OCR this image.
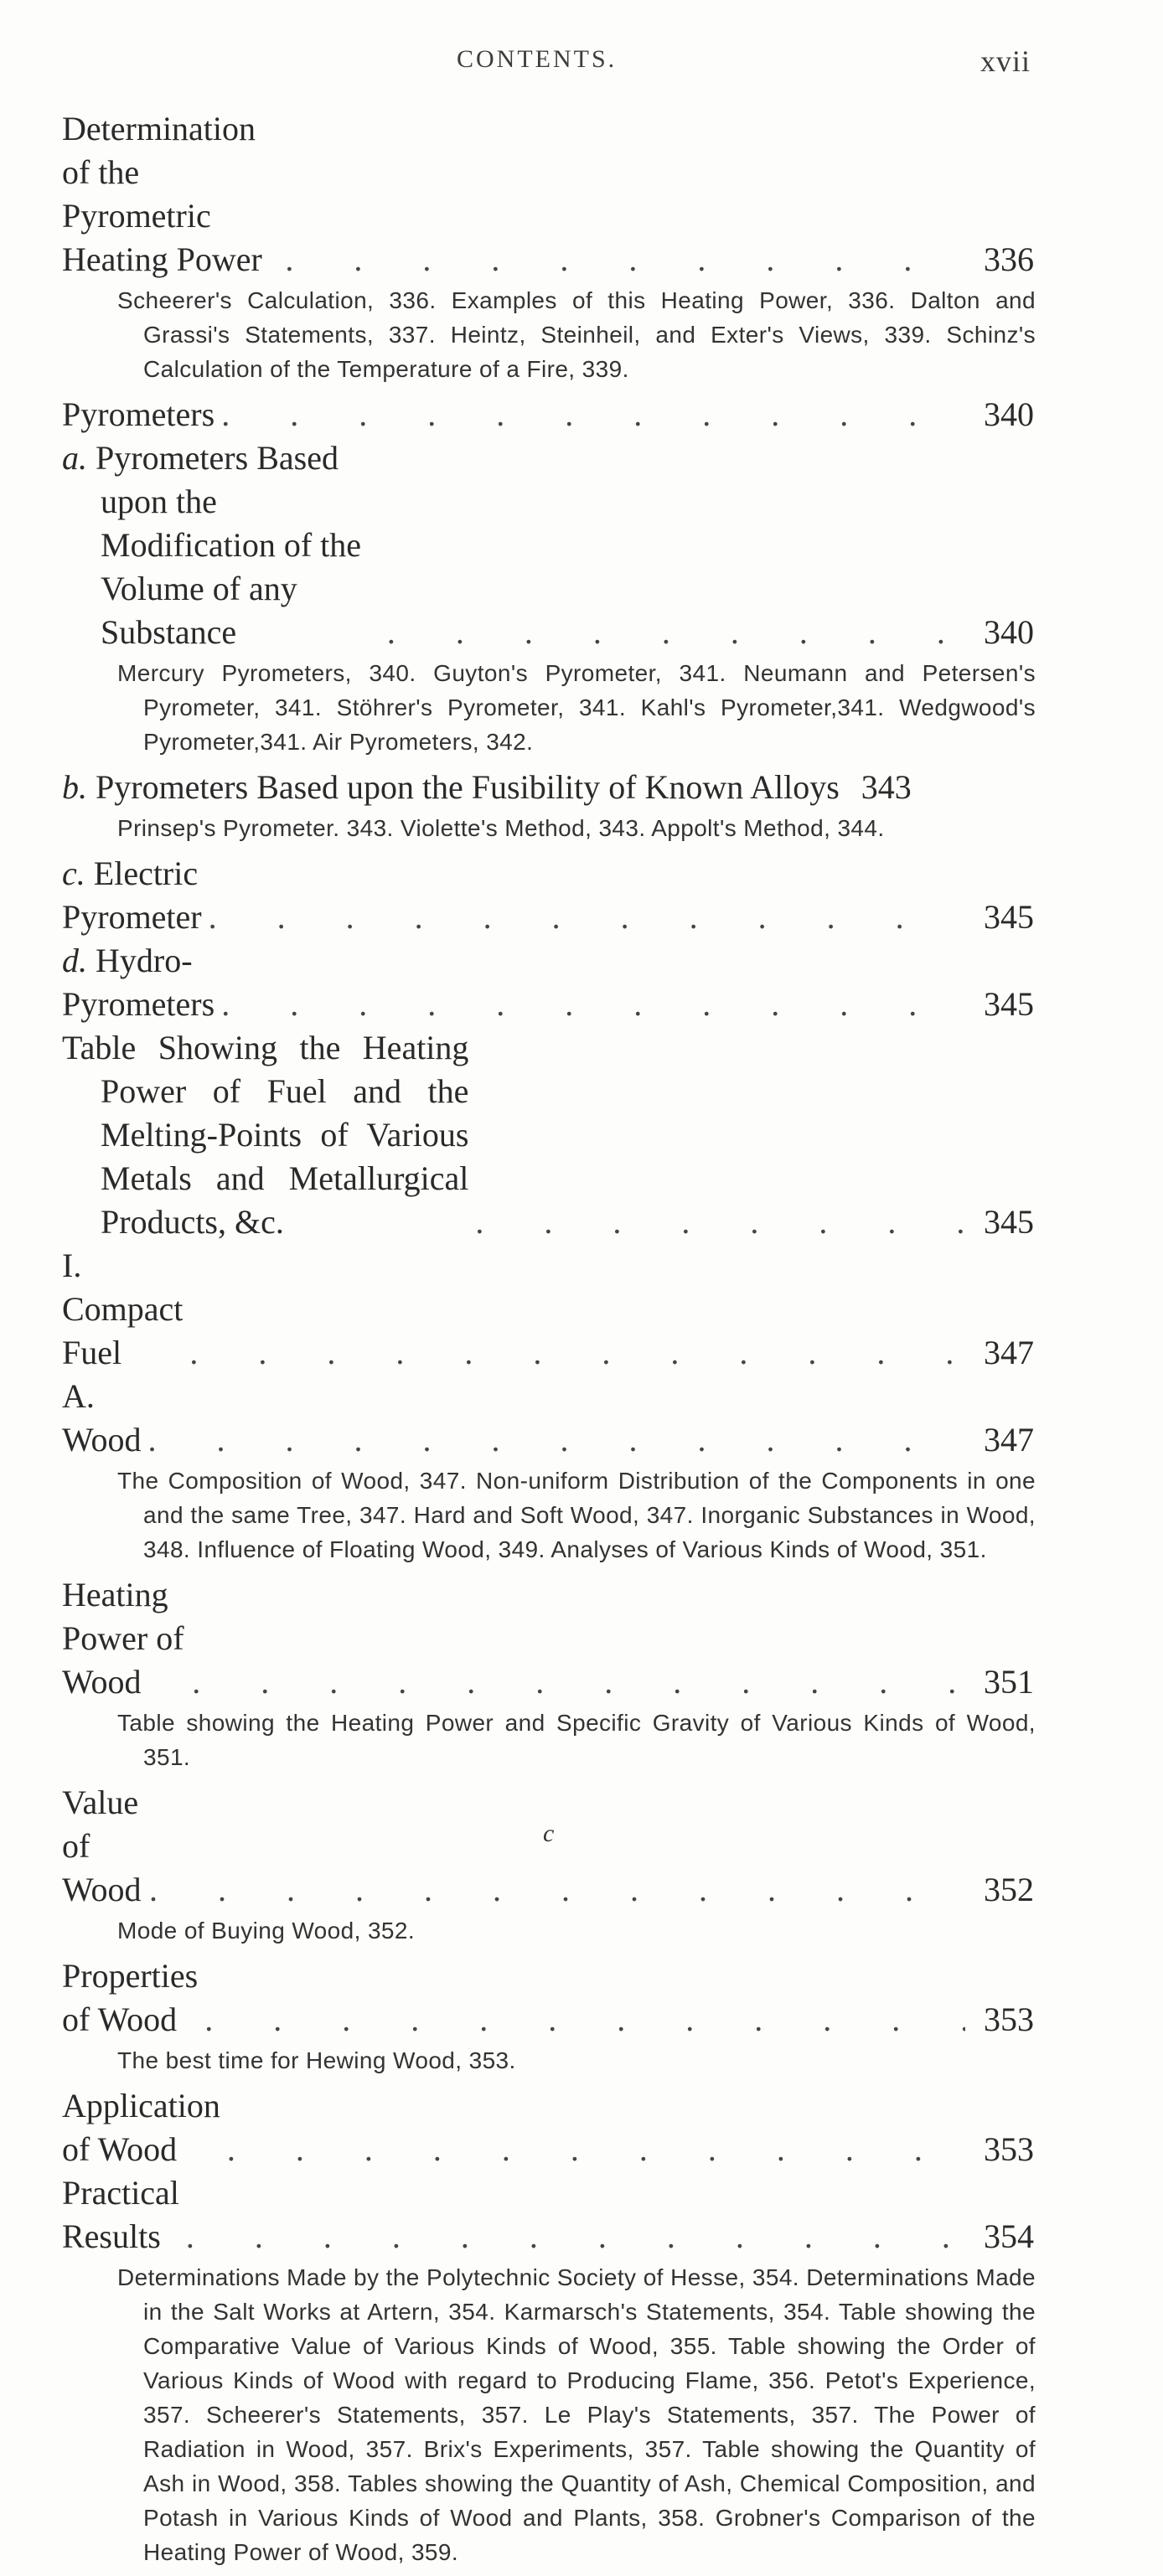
CONTENTS.	xvii
Determination of the Pyrometric Heating Power . . .	336

Scheerer's Calculation, 336. Examples of this Heating Power, 336. Dalton and Grassi's Statements, 337. Heintz, Steinheil, and Exter's Views, 339. Schinz's Calculation of the Temperature of a Fire, 339.

Pyrometers . . .	340
a. Pyrometers Based upon the Modification of the Volume of any Substance . . .	340

Mercury Pyrometers, 340. Guyton's Pyrometer, 341. Neumann and Petersen's Pyrometer, 341. Stöhrer's Pyrometer, 341. Kahl's Pyrometer,341. Wedgwood's Pyrometer,341. Air Pyrometers, 342.

b. Pyrometers Based upon the Fusibility of Known Alloys 343

Prinsep's Pyrometer. 343. Violette's Method, 343. Appolt's Method, 344.

c. Electric Pyrometer . . .	345
d. Hydro-Pyrometers . . .	345
Table Showing the Heating Power of Fuel and the Melting-Points of Various Metals and Metallurgical Products, &c. . . .	345
I. Compact Fuel . . .	347
A. Wood . . .	347

The Composition of Wood, 347. Non-uniform Distribution of the Components in one and the same Tree, 347. Hard and Soft Wood, 347. Inorganic Substances in Wood, 348. Influence of Floating Wood, 349. Analyses of Various Kinds of Wood, 351.

Heating Power of Wood . . .	351

Table showing the Heating Power and Specific Gravity of Various Kinds of Wood, 351.

Value of Wood . . .	352

Mode of Buying Wood, 352.

Properties of Wood . . .	353

The best time for Hewing Wood, 353.

Application of Wood . . .	353
Practical Results . . .	354

Determinations Made by the Polytechnic Society of Hesse, 354. Determinations Made in the Salt Works at Artern, 354. Karmarsch's Statements, 354. Table showing the Comparative Value of Various Kinds of Wood, 355. Table showing the Order of Various Kinds of Wood with regard to Producing Flame, 356. Petot's Experience, 357. Scheerer's Statements, 357. Le Play's Statements, 357. The Power of Radiation in Wood, 357. Brix's Experiments, 357. Table showing the Quantity of Ash in Wood, 358. Tables showing the Quantity of Ash, Chemical Composition, and Potash in Various Kinds of Wood and Plants, 358. Grobner's Comparison of the Heating Power of Wood, 359.

c
